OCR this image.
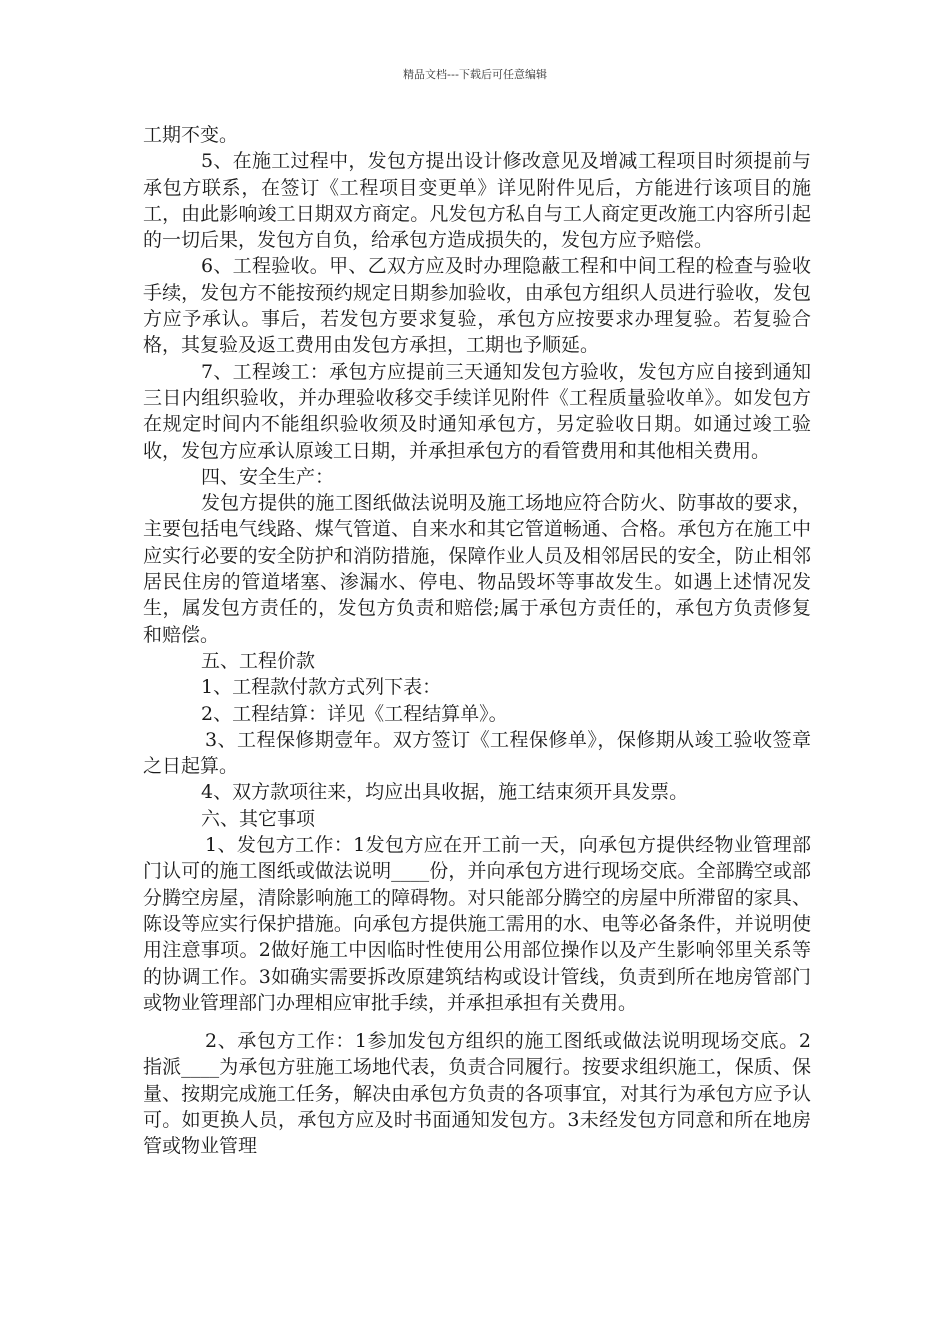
精品文档---下载后可任意编辑

工期不变。

5、在施工过程中，发包方提出设计修改意见及增减工程项目时须提前与承包方联系，在签订《工程项目变更单》详见附件见后，方能进行该项目的施工，由此影响竣工日期双方商定。凡发包方私自与工人商定更改施工内容所引起的一切后果，发包方自负，给承包方造成损失的，发包方应予赔偿。

6、工程验收。甲、乙双方应及时办理隐蔽工程和中间工程的检查与验收手续，发包方不能按预约规定日期参加验收，由承包方组织人员进行验收，发包方应予承认。事后，若发包方要求复验，承包方应按要求办理复验。若复验合格，其复验及返工费用由发包方承担，工期也予顺延。

7、工程竣工：承包方应提前三天通知发包方验收，发包方应自接到通知三日内组织验收，并办理验收移交手续详见附件《工程质量验收单》。如发包方在规定时间内不能组织验收须及时通知承包方，另定验收日期。如通过竣工验收，发包方应承认原竣工日期，并承担承包方的看管费用和其他相关费用。

四、安全生产：

发包方提供的施工图纸做法说明及施工场地应符合防火、防事故的要求，主要包括电气线路、煤气管道、自来水和其它管道畅通、合格。承包方在施工中应实行必要的安全防护和消防措施，保障作业人员及相邻居民的安全，防止相邻居民住房的管道堵塞、渗漏水、停电、物品毁坏等事故发生。如遇上述情况发生，属发包方责任的，发包方负责和赔偿;属于承包方责任的，承包方负责修复和赔偿。

五、工程价款

1、工程款付款方式列下表：

2、工程结算：详见《工程结算单》。

3、工程保修期壹年。双方签订《工程保修单》，保修期从竣工验收签章之日起算。

4、双方款项往来，均应出具收据，施工结束须开具发票。

六、其它事项

1、发包方工作：1发包方应在开工前一天，向承包方提供经物业管理部门认可的施工图纸或做法说明____份，并向承包方进行现场交底。全部腾空或部分腾空房屋，清除影响施工的障碍物。对只能部分腾空的房屋中所滞留的家具、陈设等应实行保护措施。向承包方提供施工需用的水、电等必备条件，并说明使用注意事项。2做好施工中因临时性使用公用部位操作以及产生影响邻里关系等的协调工作。3如确实需要拆改原建筑结构或设计管线，负责到所在地房管部门或物业管理部门办理相应审批手续，并承担承担有关费用。

2、承包方工作：1参加发包方组织的施工图纸或做法说明现场交底。2指派____为承包方驻施工场地代表，负责合同履行。按要求组织施工，保质、保量、按期完成施工任务，解决由承包方负责的各项事宜，对其行为承包方应予认可。如更换人员，承包方应及时书面通知发包方。3未经发包方同意和所在地房管或物业管理
